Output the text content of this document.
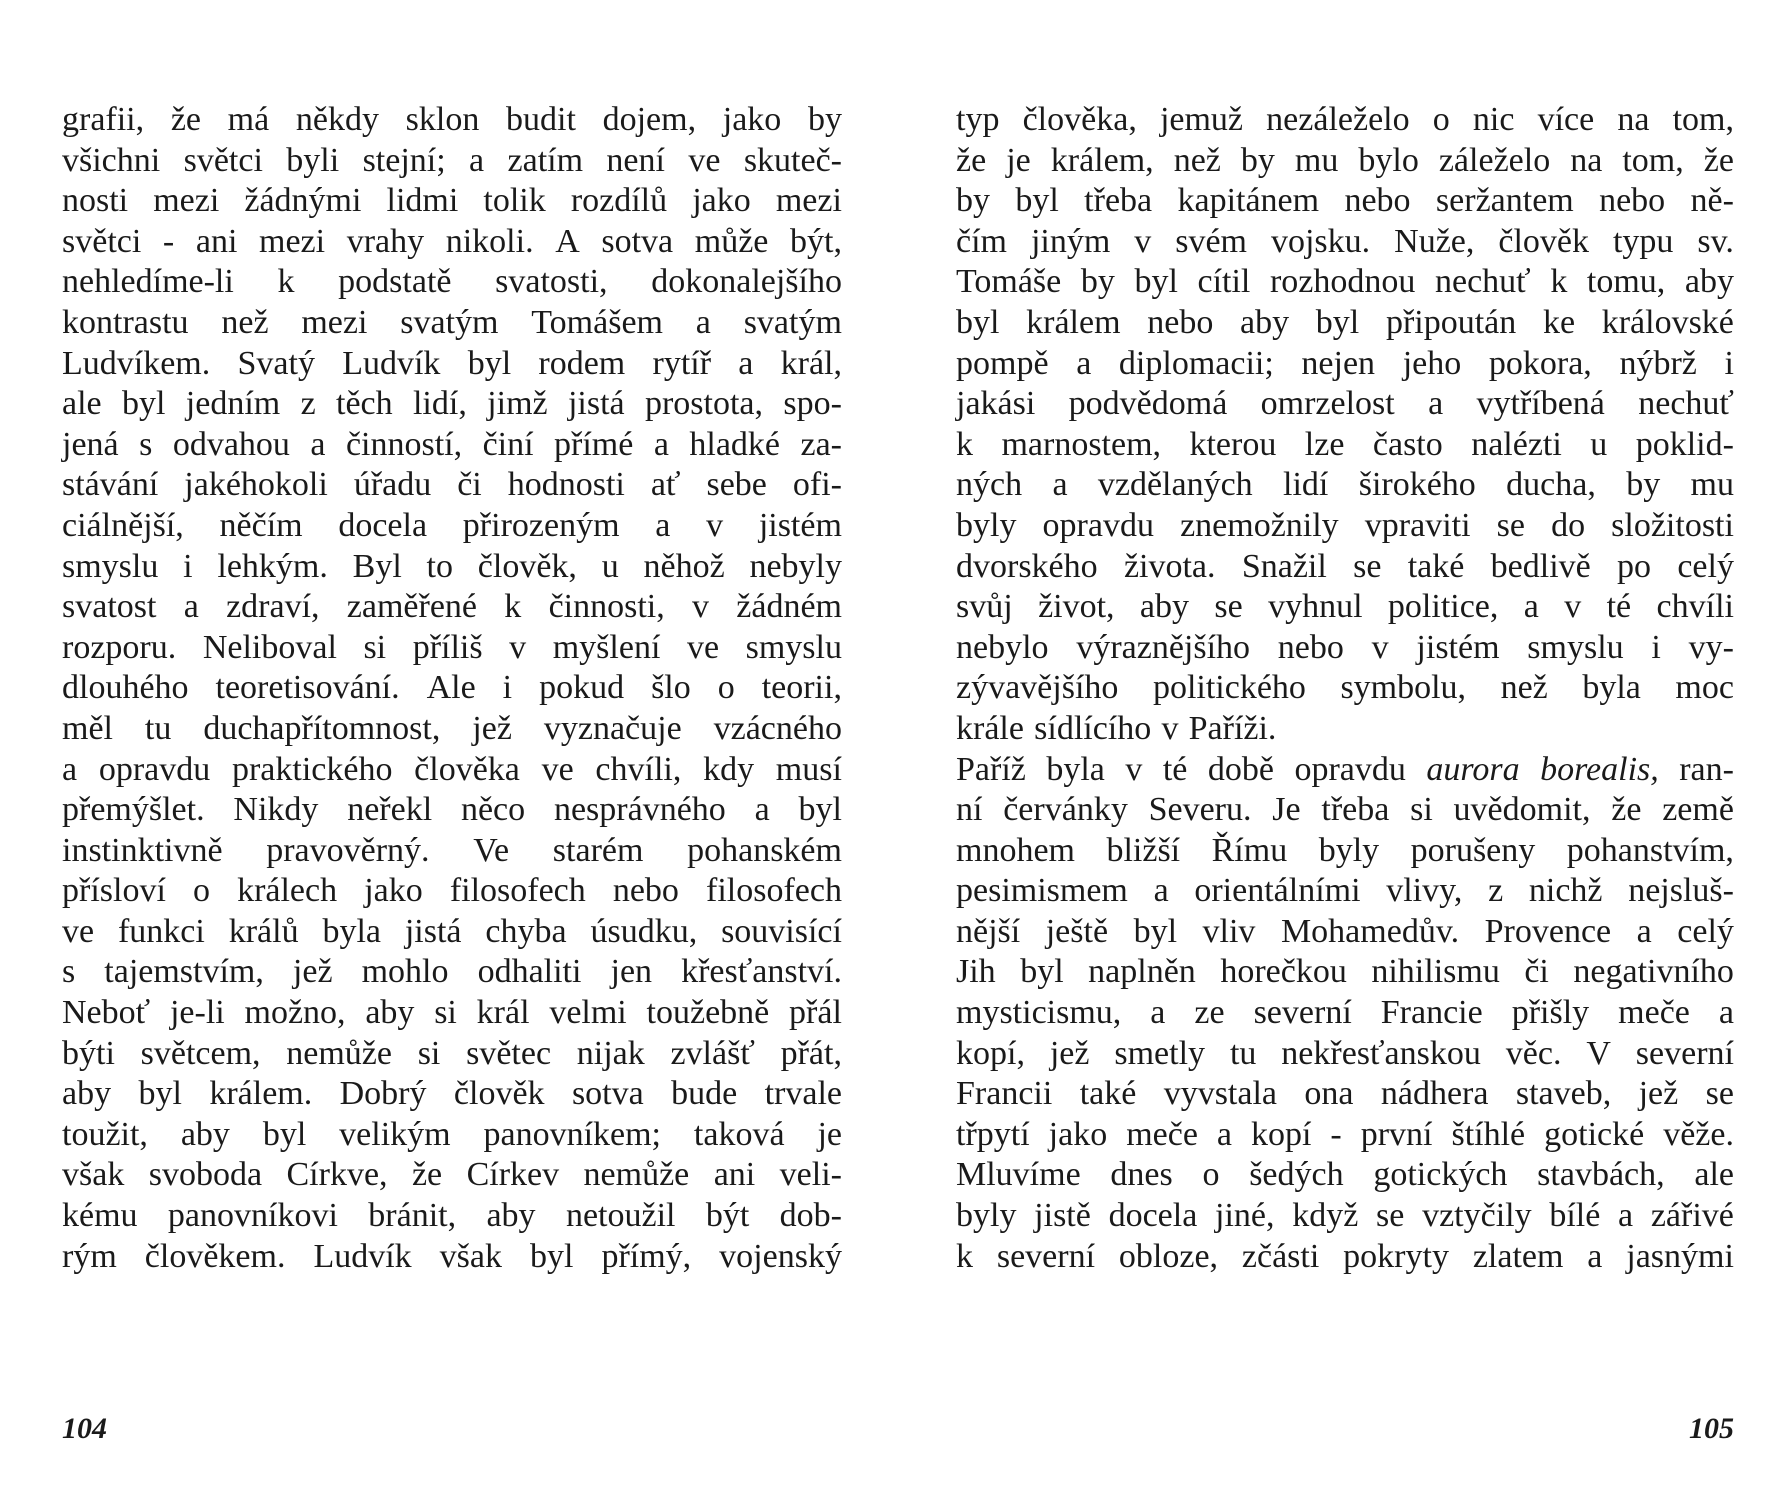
grafii, že má někdy sklon budit dojem, jako by
všichni světci byli stejní; a zatím není ve skuteč-
nosti mezi žádnými lidmi tolik rozdílů jako mezi
světci - ani mezi vrahy nikoli. A sotva může být,
nehledíme-li k podstatě svatosti, dokonalejšího
kontrastu než mezi svatým Tomášem a svatým
Ludvíkem. Svatý Ludvík byl rodem rytíř a král,
ale byl jedním z těch lidí, jimž jistá prostota, spo-
jená s odvahou a činností, činí přímé a hladké za-
stávání jakéhokoli úřadu či hodnosti ať sebe ofi-
ciálnější, něčím docela přirozeným a v jistém
smyslu i lehkým. Byl to člověk, u něhož nebyly
svatost a zdraví, zaměřené k činnosti, v žádném
rozporu. Neliboval si příliš v myšlení ve smyslu
dlouhého teoretisování. Ale i pokud šlo o teorii,
měl tu duchapřítomnost, jež vyznačuje vzácného
a opravdu praktického člověka ve chvíli, kdy musí
přemýšlet. Nikdy neřekl něco nesprávného a byl
instinktivně pravověrný. Ve starém pohanském
přísloví o králech jako filosofech nebo filosofech
ve funkci králů byla jistá chyba úsudku, souvisící
s tajemstvím, jež mohlo odhaliti jen křesťanství.
Neboť je-li možno, aby si král velmi toužebně přál
býti světcem, nemůže si světec nijak zvlášť přát,
aby byl králem. Dobrý člověk sotva bude trvale
toužit, aby byl velikým panovníkem; taková je
však svoboda Církve, že Církev nemůže ani veli-
kému panovníkovi bránit, aby netoužil být dob-
rým člověkem. Ludvík však byl přímý, vojenský
typ člověka, jemuž nezáleželo o nic více na tom,
že je králem, než by mu bylo záleželo na tom, že
by byl třeba kapitánem nebo seržantem nebo ně-
čím jiným v svém vojsku. Nuže, člověk typu sv.
Tomáše by byl cítil rozhodnou nechuť k tomu, aby
byl králem nebo aby byl připoután ke královské
pompě a diplomacii; nejen jeho pokora, nýbrž i
jakási podvědomá omrzelost a vytříbená nechuť
k marnostem, kterou lze často nalézti u poklid-
ných a vzdělaných lidí širokého ducha, by mu
byly opravdu znemožnily vpraviti se do složitosti
dvorského života. Snažil se také bedlivě po celý
svůj život, aby se vyhnul politice, a v té chvíli
nebylo výraznějšího nebo v jistém smyslu i vy-
zývavějšího politického symbolu, než byla moc
krále sídlícího v Paříži.
Paříž byla v té době opravdu aurora borealis, ran-
ní červánky Severu. Je třeba si uvědomit, že země
mnohem bližší Římu byly porušeny pohanstvím,
pesimismem a orientálními vlivy, z nichž nejsluš-
nější ještě byl vliv Mohamedův. Provence a celý
Jih byl naplněn horečkou nihilismu či negativního
mysticismu, a ze severní Francie přišly meče a
kopí, jež smetly tu nekřesťanskou věc. V severní
Francii také vyvstala ona nádhera staveb, jež se
třpytí jako meče a kopí - první štíhlé gotické věže.
Mluvíme dnes o šedých gotických stavbách, ale
byly jistě docela jiné, když se vztyčily bílé a zářivé
k severní obloze, zčásti pokryty zlatem a jasnými
104	105
